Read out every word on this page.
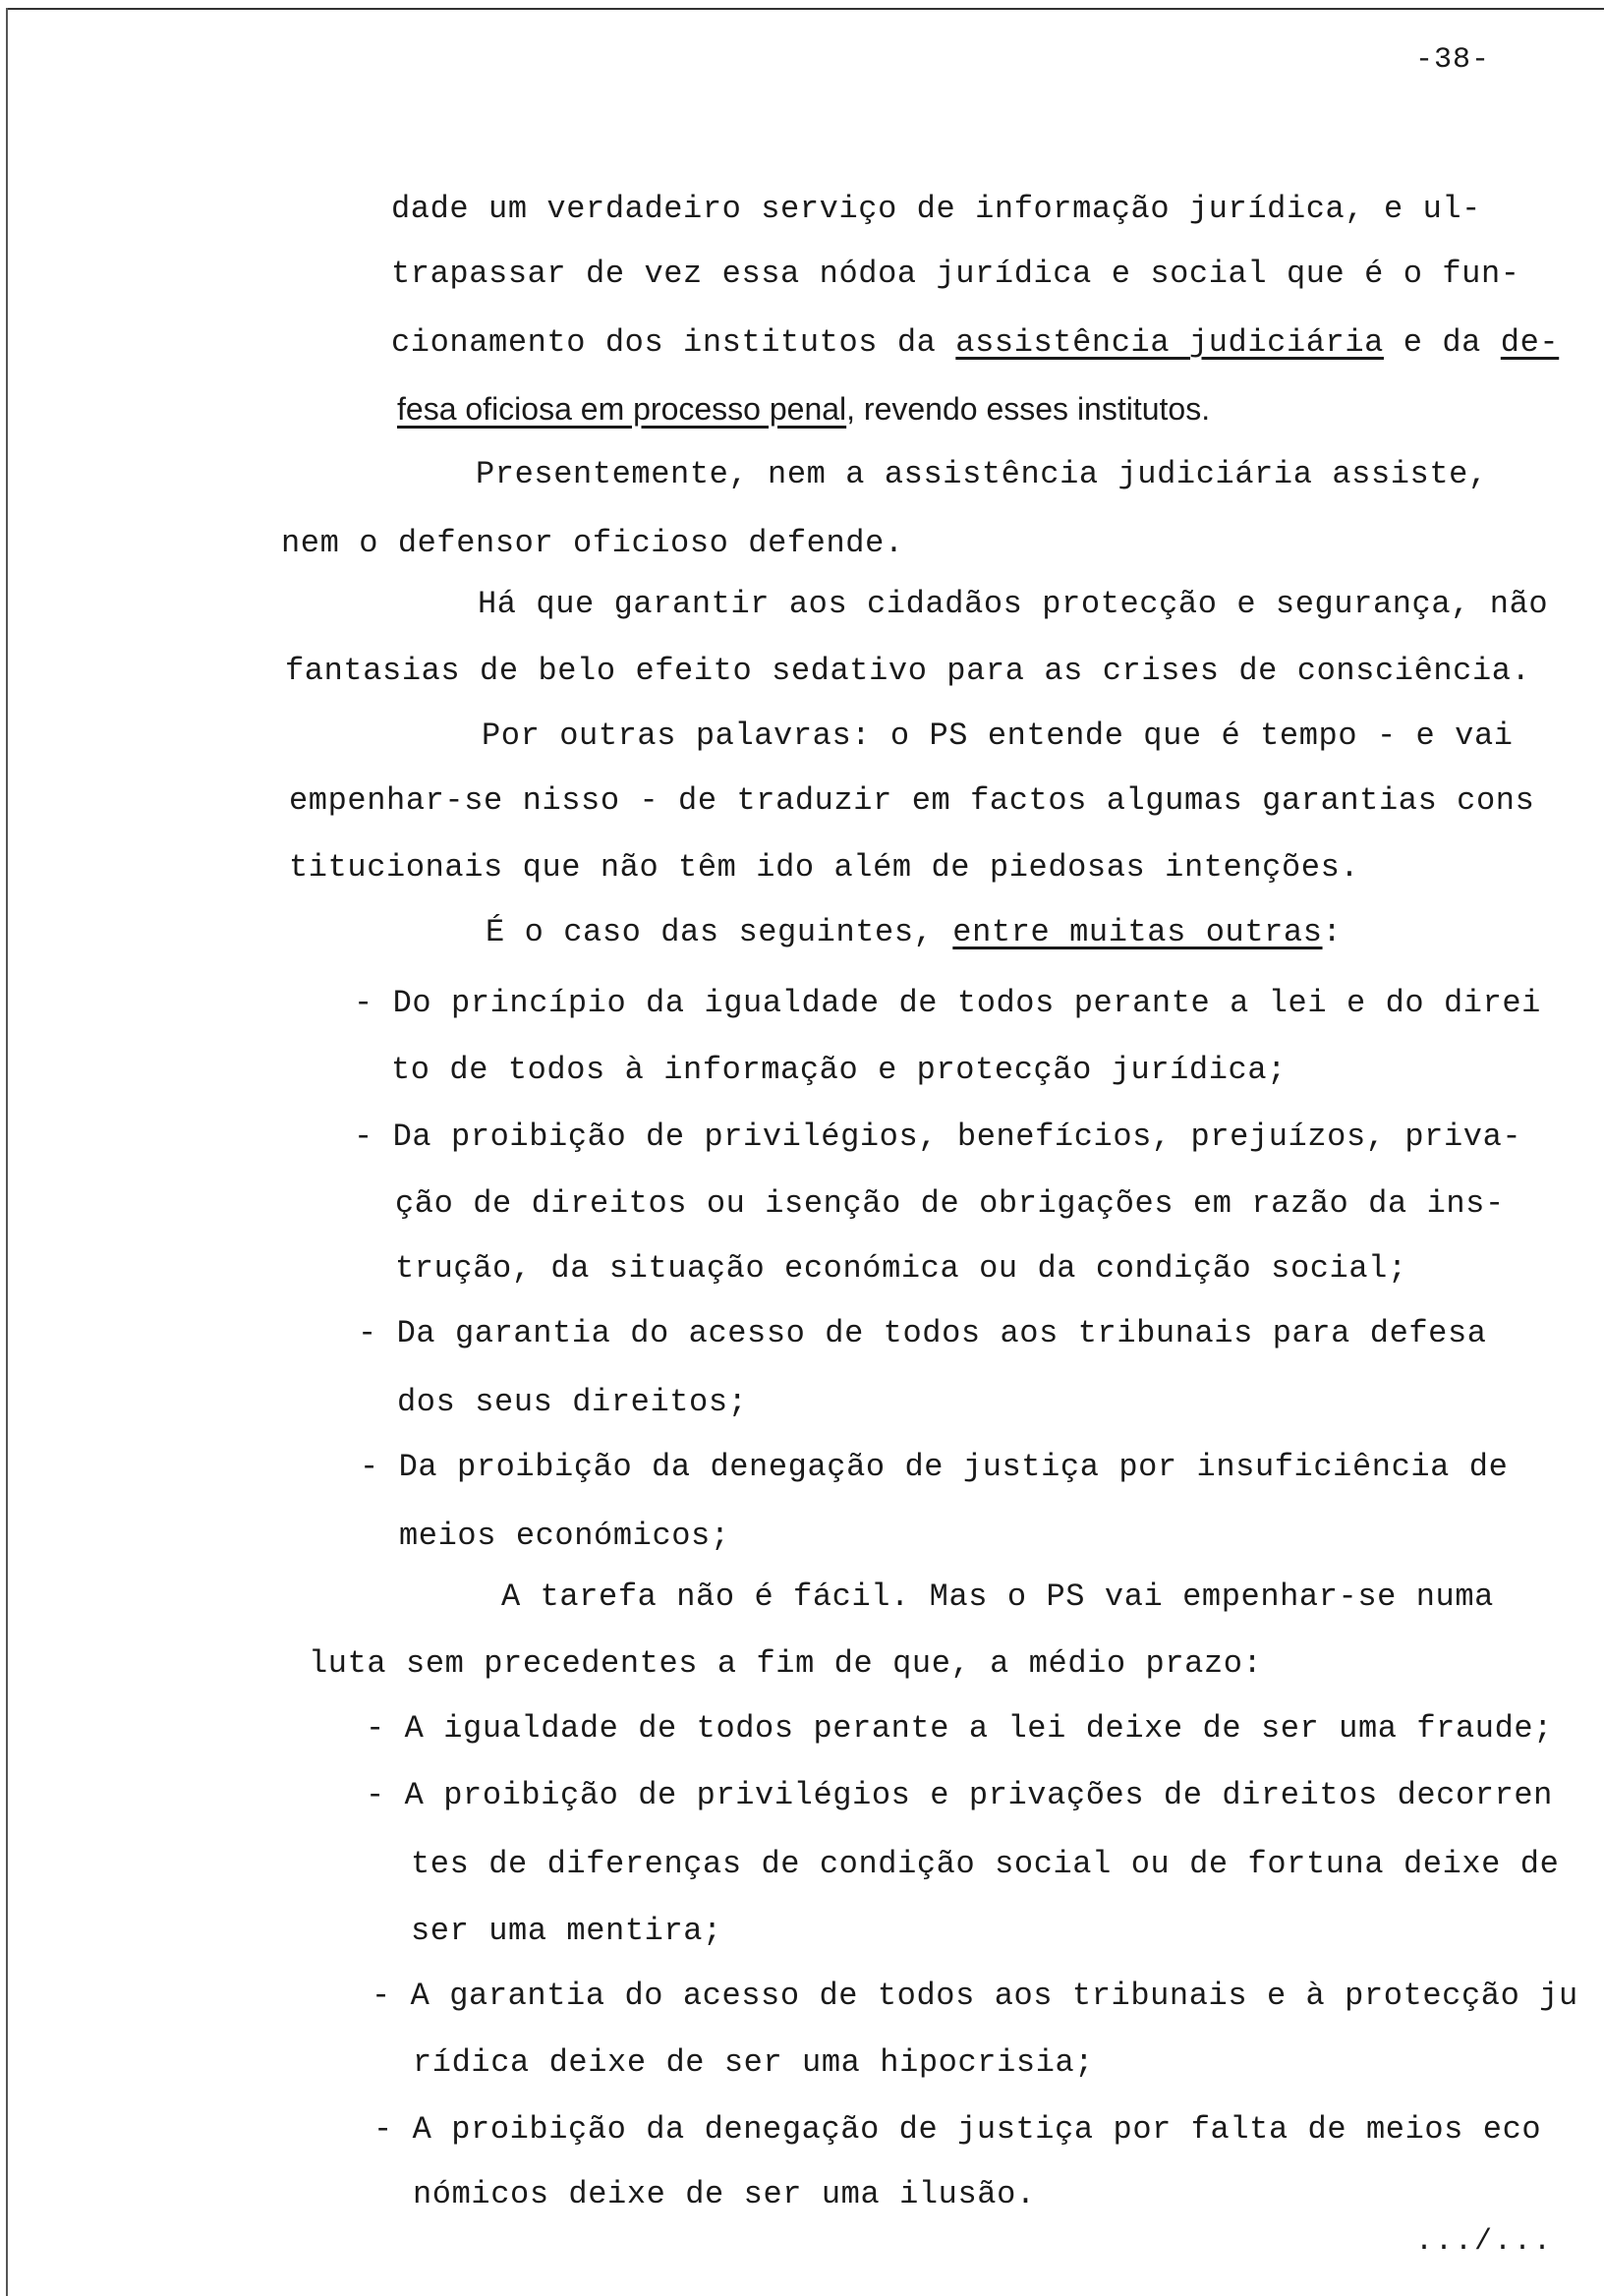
-38-
dade um verdadeiro serviço de informação jurídica, e ul-
trapassar de vez essa nódoa jurídica e social que é o fun-
cionamento dos institutos da assistência judiciária e da de-
fesa oficiosa em processo penal, revendo esses institutos.
Presentemente, nem a assistência judiciária assiste,
nem o defensor oficioso defende.
Há que garantir aos cidadãos protecção e segurança, não
fantasias de belo efeito sedativo para as crises de consciência.
Por outras palavras: o PS entende que é tempo - e vai
empenhar-se nisso - de traduzir em factos algumas garantias cons
titucionais que não têm ido além de piedosas intenções.
É o caso das seguintes, entre muitas outras:
- Do princípio da igualdade de todos perante a lei e do direi
to de todos à informação e protecção jurídica;
- Da proibição de privilégios, benefícios, prejuízos, priva-
ção de direitos ou isenção de obrigações em razão da ins-
trução, da situação económica ou da condição social;
- Da garantia do acesso de todos aos tribunais para defesa
dos seus direitos;
- Da proibição da denegação de justiça por insuficiência de
meios económicos;
A tarefa não é fácil. Mas o PS vai empenhar-se numa
luta sem precedentes a fim de que, a médio prazo:
- A igualdade de todos perante a lei deixe de ser uma fraude;
- A proibição de privilégios e privações de direitos decorren
tes de diferenças de condição social ou de fortuna deixe de
ser uma mentira;
- A garantia do acesso de todos aos tribunais e à protecção ju
rídica deixe de ser uma hipocrisia;
- A proibição da denegação de justiça por falta de meios eco
nómicos deixe de ser uma ilusão.
.../...
